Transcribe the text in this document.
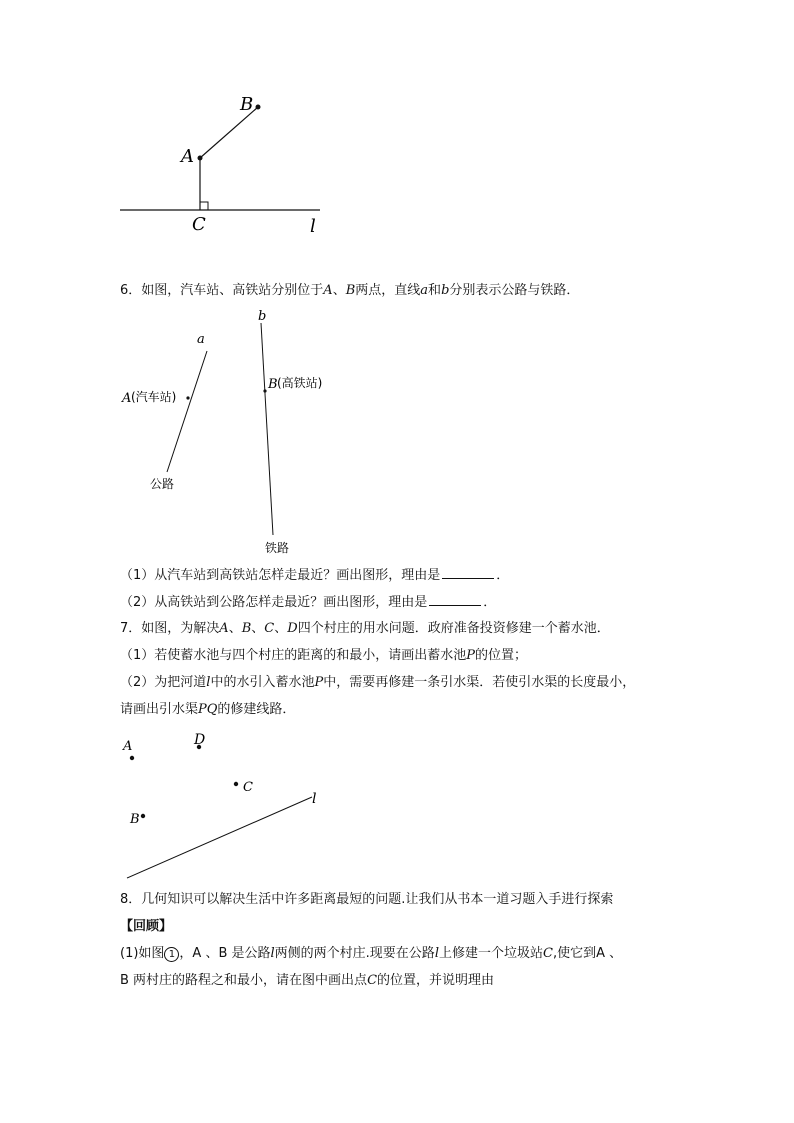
B
A
C	l
6．如图，汽车站、高铁站分别位于A、B两点，直线a和b分别表示公路与铁路．
a
b
A (汽车站)
B (高铁站)
公路
铁路
（1）从汽车站到高铁站怎样走最近？画出图形，理由是	．
（2）从高铁站到公路怎样走最近？画出图形，理由是	．
7．如图，为解决A、B、C、D四个村庄的用水问题．政府准备投资修建一个蓄水池．
（1）若使蓄水池与四个村庄的距离的和最小，请画出蓄水池P的位置；
（2）为把河道l中的水引入蓄水池P中，需要再修建一条引水渠．若使引水渠的长度最小，
请画出引水渠PQ的修建线路．
A	D
C
B
l
8．几何知识可以解决生活中许多距离最短的问题.让我们从书本一道习题入手进行探索
【回顾】
(1)如图 1 ，A 、B 是公路l两侧的两个村庄.现要在公路l上修建一个垃圾站C,使它到A 、
B 两村庄的路程之和最小，请在图中画出点C的位置，并说明理由
